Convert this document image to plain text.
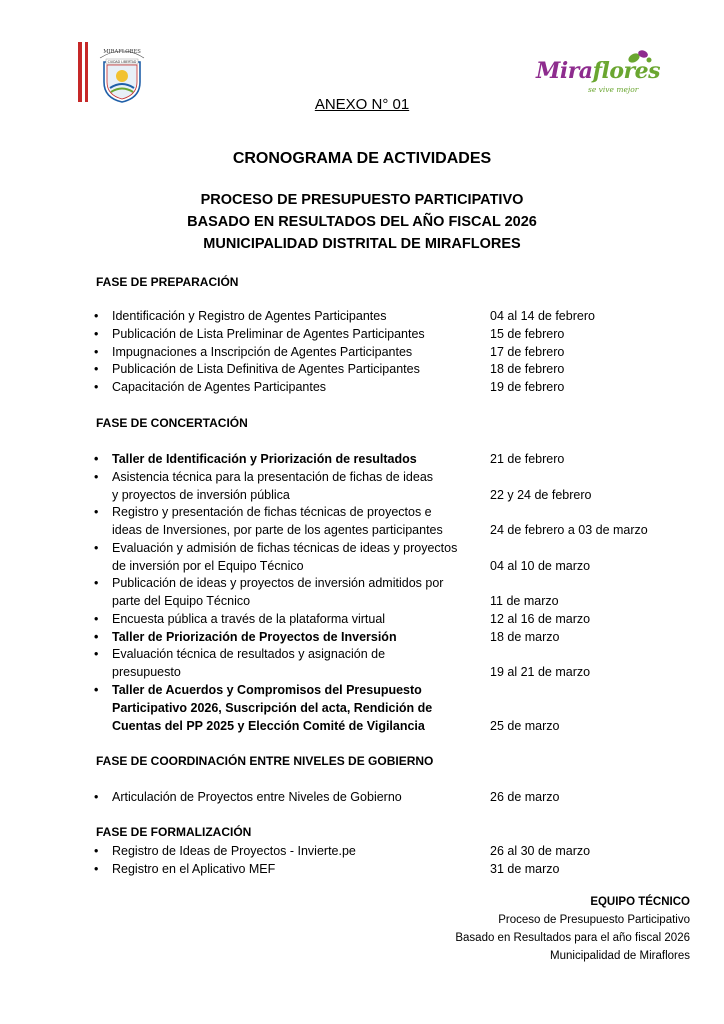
MIRAFLORES
CIUDAD LIBERTAD	Miraflores
se vive mejor
ANEXO N° 01
CRONOGRAMA DE ACTIVIDADES
PROCESO DE PRESUPUESTO PARTICIPATIVO
BASADO EN RESULTADOS DEL AÑO FISCAL 2026
MUNICIPALIDAD DISTRITAL DE MIRAFLORES
FASE DE PREPARACIÓN
•	Identificación y Registro de Agentes Participantes	04 al 14 de febrero
•	Publicación de Lista Preliminar de Agentes Participantes	15 de febrero
•	Impugnaciones a Inscripción de Agentes Participantes	17 de febrero
•	Publicación de Lista Definitiva de Agentes Participantes	18 de febrero
•	Capacitación de Agentes Participantes	19 de febrero
FASE DE CONCERTACIÓN
•	Taller de Identificación y Priorización de resultados	21 de febrero
•	Asistencia técnica para la presentación de fichas de ideas
y proyectos de inversión pública	22 y 24 de febrero
•	Registro y presentación de fichas técnicas de proyectos e
ideas de Inversiones, por parte de los agentes participantes	24 de febrero a 03 de marzo
•	Evaluación y admisión de fichas técnicas de ideas y proyectos
de inversión por el Equipo Técnico	04 al 10 de marzo
•	Publicación de ideas y proyectos de inversión admitidos por
parte del Equipo Técnico	11 de marzo
•	Encuesta pública a través de la plataforma virtual	12 al 16 de marzo
•	Taller de Priorización de Proyectos de Inversión	18 de marzo
•	Evaluación técnica de resultados y asignación de
presupuesto	19 al 21 de marzo
•	Taller de Acuerdos y Compromisos del Presupuesto
Participativo 2026, Suscripción del acta, Rendición de
Cuentas del PP 2025 y Elección Comité de Vigilancia	25 de marzo
FASE DE COORDINACIÓN ENTRE NIVELES DE GOBIERNO
•	Articulación de Proyectos entre Niveles de Gobierno	26 de marzo
FASE DE FORMALIZACIÓN
•	Registro de Ideas de Proyectos - Invierte.pe	26 al 30 de marzo
•	Registro en el Aplicativo MEF	31 de marzo
EQUIPO TÉCNICO
Proceso de Presupuesto Participativo
Basado en Resultados para el año fiscal 2026
Municipalidad de Miraflores
